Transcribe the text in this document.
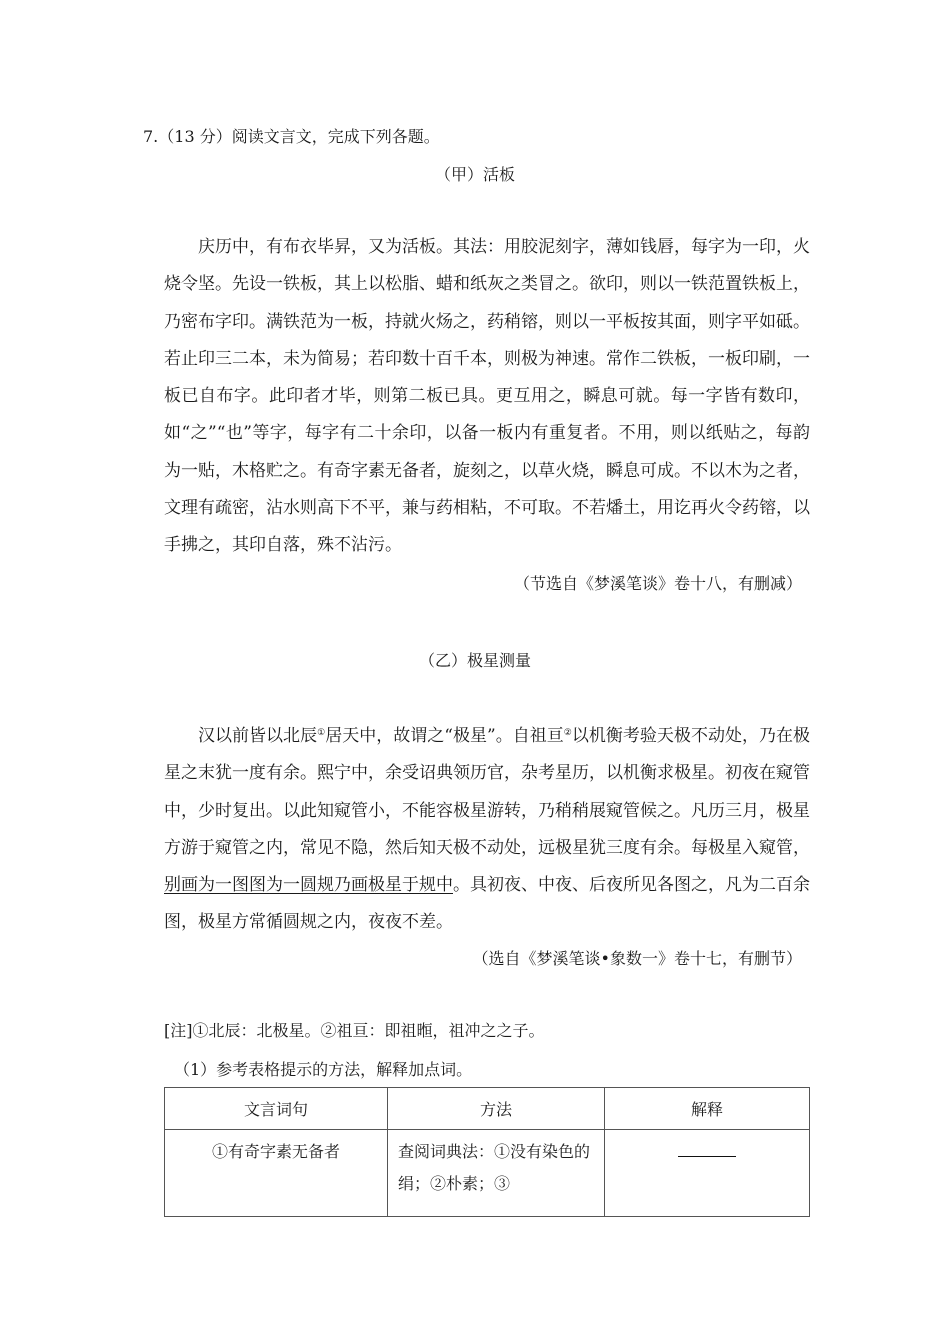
7.（13 分）阅读文言文，完成下列各题。
（甲）活板

庆历中，有布衣毕昇，又为活板。其法：用胶泥刻字，薄如钱唇，每字为一印，火烧令坚。先设一铁板，其上以松脂、蜡和纸灰之类冒之。欲印，则以一铁范置铁板上，乃密布字印。满铁范为一板，持就火炀之，药稍镕，则以一平板按其面，则字平如砥。若止印三二本，未为简易；若印数十百千本，则极为神速。常作二铁板，一板印刷，一板已自布字。此印者才毕，则第二板已具。更互用之，瞬息可就。每一字皆有数印，如“之”“也”等字，每字有二十余印，以备一板内有重复者。不用，则以纸贴之，每韵为一贴，木格贮之。有奇字素无备者，旋刻之，以草火烧，瞬息可成。不以木为之者，文理有疏密，沾水则高下不平，兼与药相粘，不可取。不若燔土，用讫再火令药镕，以手拂之，其印自落，殊不沾污。

（节选自《梦溪笔谈》卷十八，有删减）
（乙）极星测量

汉以前皆以北辰①居天中，故谓之“极星”。自祖亘②以机衡考验天极不动处，乃在极星之末犹一度有余。熙宁中，余受诏典领历官，杂考星历，以机衡求极星。初夜在窥管中，少时复出。以此知窥管小，不能容极星游转，乃稍稍展窥管候之。凡历三月，极星方游于窥管之内，常见不隐，然后知天极不动处，远极星犹三度有余。每极星入窥管，别画为一图图为一圆规乃画极星于规中。具初夜、中夜、后夜所见各图之，凡为二百余图，极星方常循圆规之内，夜夜不差。

（选自《梦溪笔谈•象数一》卷十七，有删节）
[注]①北辰：北极星。②祖亘：即祖暅，祖冲之之子。
（1）参考表格提示的方法，解释加点词。
文言词句	方法	解释
①有奇字素无备者	查阅词典法：①没有染色的绢；②朴素；③	
